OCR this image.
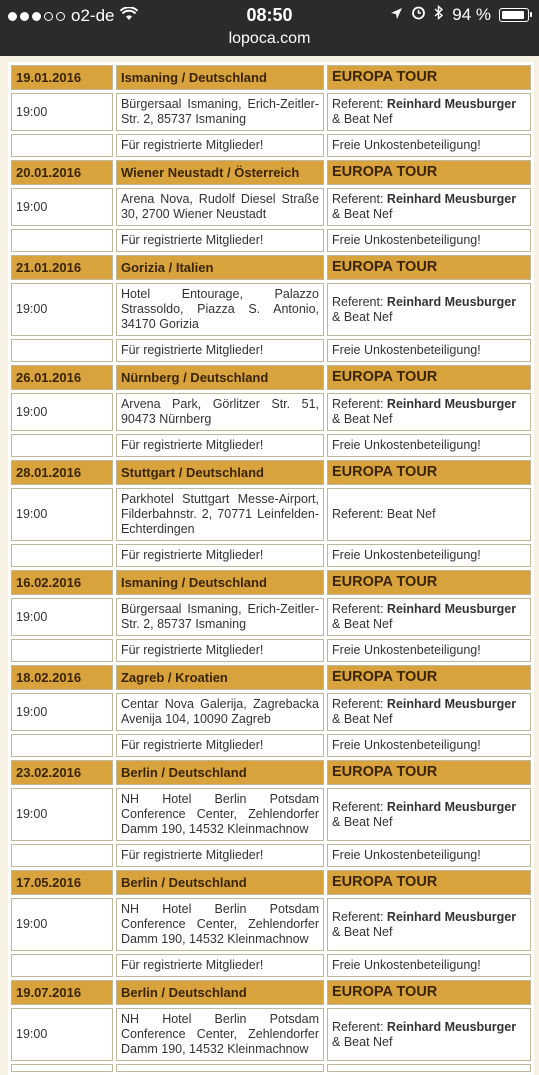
o2-de	08:50	94 %
lopoca.com
19.01.2016	Ismaning / Deutschland	EUROPA TOUR
19:00	Bürgersaal Ismaning, Erich-Zeitler-Str. 2, 85737 Ismaning	Referent: Reinhard Meusburger & Beat Nef
	Für registrierte Mitglieder!	Freie Unkostenbeteiligung!
20.01.2016	Wiener Neustadt / Österreich	EUROPA TOUR
19:00	Arena Nova, Rudolf Diesel Straße 30, 2700 Wiener Neustadt	Referent: Reinhard Meusburger & Beat Nef
	Für registrierte Mitglieder!	Freie Unkostenbeteiligung!
21.01.2016	Gorizia / Italien	EUROPA TOUR
19:00	Hotel Entourage, Palazzo Strassoldo, Piazza S. Antonio, 34170 Gorizia	Referent: Reinhard Meusburger & Beat Nef
	Für registrierte Mitglieder!	Freie Unkostenbeteiligung!
26.01.2016	Nürnberg / Deutschland	EUROPA TOUR
19:00	Arvena Park, Görlitzer Str. 51, 90473 Nürnberg	Referent: Reinhard Meusburger & Beat Nef
	Für registrierte Mitglieder!	Freie Unkostenbeteiligung!
28.01.2016	Stuttgart / Deutschland	EUROPA TOUR
19:00	Parkhotel Stuttgart Messe-Airport, Filderbahnstr. 2, 70771 Leinfelden-Echterdingen	Referent: Beat Nef
	Für registrierte Mitglieder!	Freie Unkostenbeteiligung!
16.02.2016	Ismaning / Deutschland	EUROPA TOUR
19:00	Bürgersaal Ismaning, Erich-Zeitler-Str. 2, 85737 Ismaning	Referent: Reinhard Meusburger & Beat Nef
	Für registrierte Mitglieder!	Freie Unkostenbeteiligung!
18.02.2016	Zagreb / Kroatien	EUROPA TOUR
19:00	Centar Nova Galerija, Zagrebacka Avenija 104, 10090 Zagreb	Referent: Reinhard Meusburger & Beat Nef
	Für registrierte Mitglieder!	Freie Unkostenbeteiligung!
23.02.2016	Berlin / Deutschland	EUROPA TOUR
19:00	NH Hotel Berlin Potsdam Conference Center, Zehlendorfer Damm 190, 14532 Kleinmachnow	Referent: Reinhard Meusburger & Beat Nef
	Für registrierte Mitglieder!	Freie Unkostenbeteiligung!
17.05.2016	Berlin / Deutschland	EUROPA TOUR
19:00	NH Hotel Berlin Potsdam Conference Center, Zehlendorfer Damm 190, 14532 Kleinmachnow	Referent: Reinhard Meusburger & Beat Nef
	Für registrierte Mitglieder!	Freie Unkostenbeteiligung!
19.07.2016	Berlin / Deutschland	EUROPA TOUR
19:00	NH Hotel Berlin Potsdam Conference Center, Zehlendorfer Damm 190, 14532 Kleinmachnow	Referent: Reinhard Meusburger & Beat Nef
